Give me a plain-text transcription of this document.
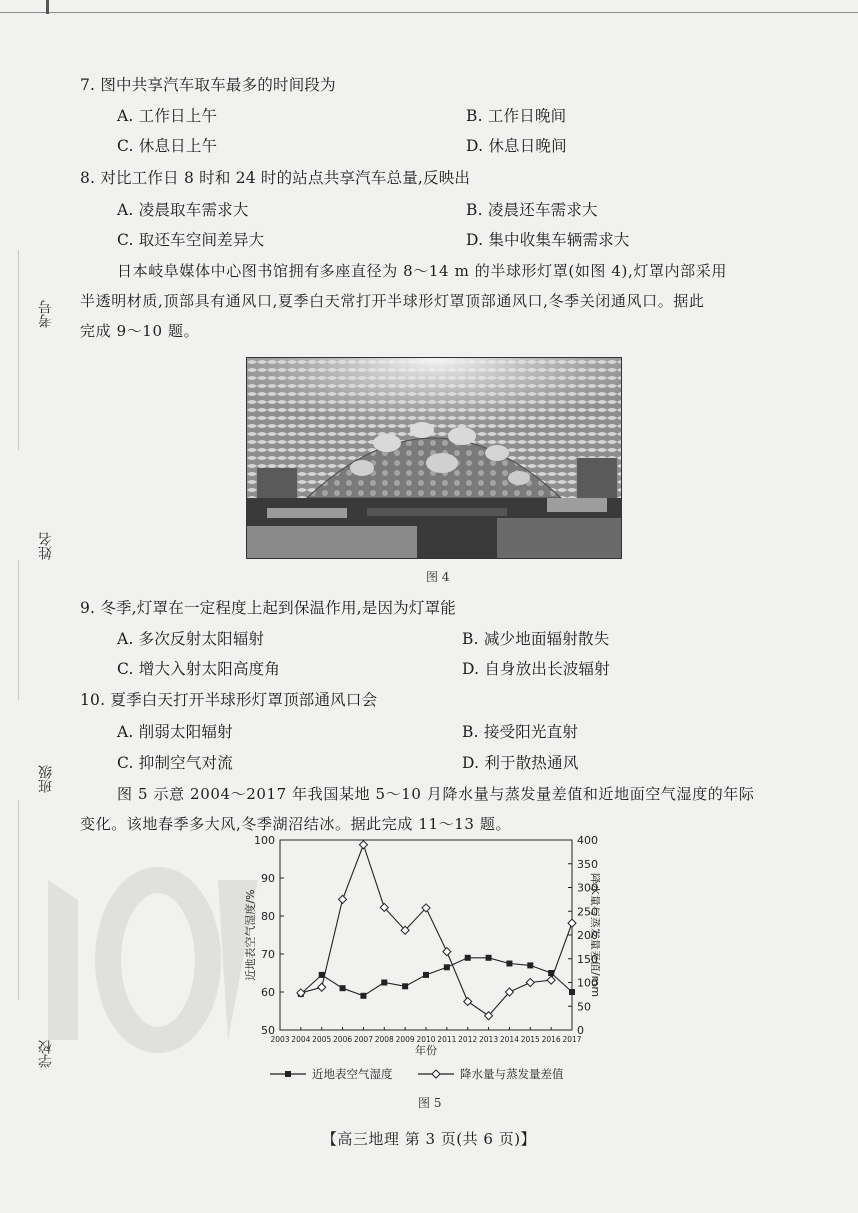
考号
姓名
班级
学校
7. 图中共享汽车取车最多的时间段为
A. 工作日上午	B. 工作日晚间
C. 休息日上午	D. 休息日晚间
8. 对比工作日 8 时和 24 时的站点共享汽车总量,反映出
A. 凌晨取车需求大	B. 凌晨还车需求大
C. 取还车空间差异大	D. 集中收集车辆需求大
日本岐阜媒体中心图书馆拥有多座直径为 8～14 m 的半球形灯罩(如图 4),灯罩内部采用
半透明材质,顶部具有通风口,夏季白天常打开半球形灯罩顶部通风口,冬季关闭通风口。据此
完成 9～10 题。
图 4
9. 冬季,灯罩在一定程度上起到保温作用,是因为灯罩能
A. 多次反射太阳辐射	B. 减少地面辐射散失
C. 增大入射太阳高度角	D. 自身放出长波辐射
10. 夏季白天打开半球形灯罩顶部通风口会
A. 削弱太阳辐射	B. 接受阳光直射
C. 抑制空气对流	D. 利于散热通风
图 5 示意 2004～2017 年我国某地 5～10 月降水量与蒸发量差值和近地面空气湿度的年际
变化。该地春季多大风,冬季湖沼结冰。据此完成 11～13 题。
50
60
70
80
90
100
0
50
100
150
200
250
300
350
400
2003 2004 2005 2006 2007 2008 2009 2010 2011 2012 2013 2014 2015 2016 2017
年份
近地表空气湿度/%	降水量与蒸发量差值/mm
近地表空气湿度	降水量与蒸发量差值
图 5
【高三地理 第 3 页(共 6 页)】
